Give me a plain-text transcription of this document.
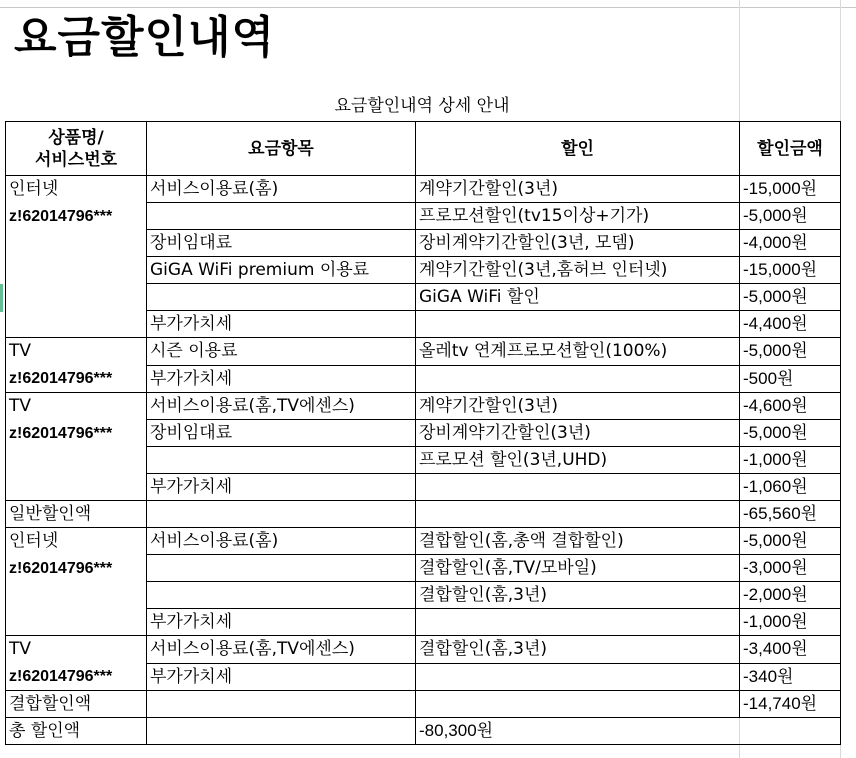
요금할인내역
요금할인내역 상세 안내
상품명/
서비스번호	요금항목	할인	할인금액

인터넷
z!62014796***	서비스이용료(홈)	계약기간할인(3년)	-15,000원
		프로모션할인(tv15이상+기가)	-5,000원
	장비임대료	장비계약기간할인(3년, 모뎀)	-4,000원
	GiGA WiFi premium 이용료	계약기간할인(3년,홈허브 인터넷)	-15,000원
		GiGA WiFi 할인	-5,000원
	부가가치세		-4,400원

TV
z!62014796***	시즌 이용료	올레tv 연계프로모션할인(100%)	-5,000원
	부가가치세		-500원

TV
z!62014796***	서비스이용료(홈,TV에센스)	계약기간할인(3년)	-4,600원
	장비임대료	장비계약기간할인(3년)	-5,000원
		프로모션 할인(3년,UHD)	-1,000원
	부가가치세		-1,060원
일반할인액			-65,560원

인터넷
z!62014796***	서비스이용료(홈)	결합할인(홈,총액 결합할인)	-5,000원
		결합할인(홈,TV/모바일)	-3,000원
		결합할인(홈,3년)	-2,000원
	부가가치세		-1,000원

TV
z!62014796***	서비스이용료(홈,TV에센스)	결합할인(홈,3년)	-3,400원
	부가가치세		-340원
결합할인액			-14,740원
총 할인액		-80,300원	
